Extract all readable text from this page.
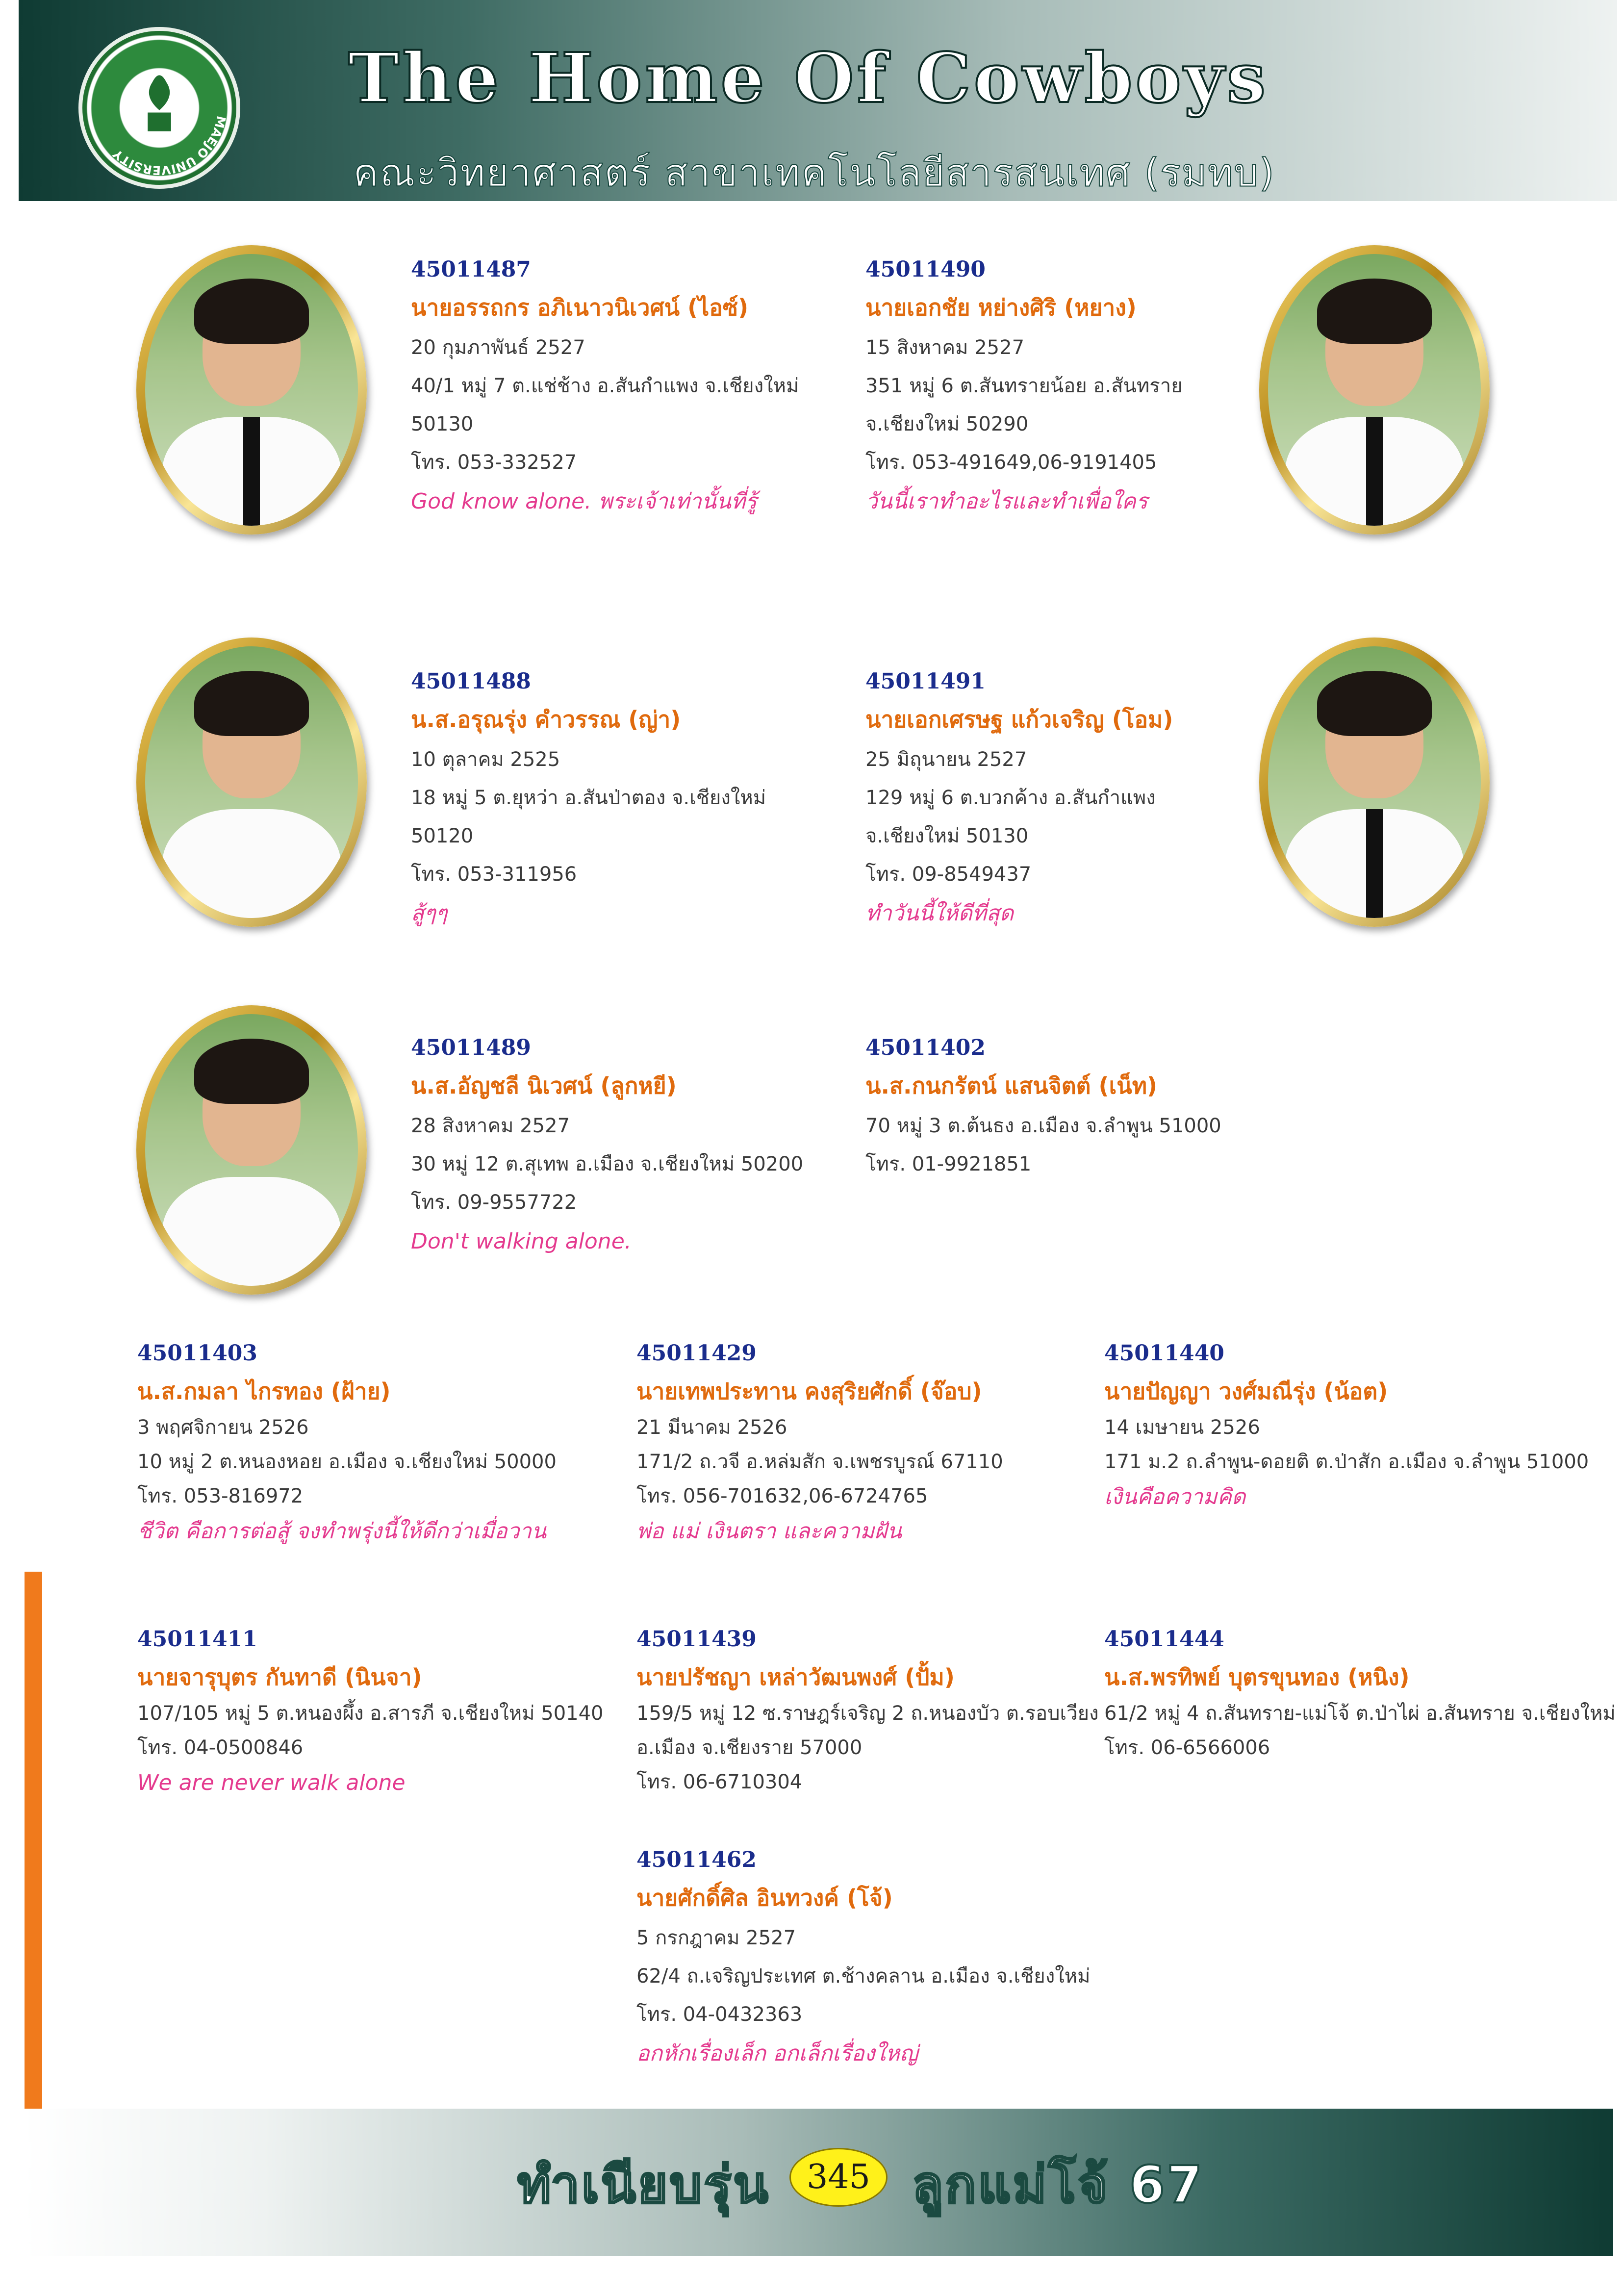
MAEJO UNIVERSITY
The Home Of Cowboys
คณะวิทยาศาสตร์ สาขาเทคโนโลยีสารสนเทศ (รมทบ)
45011487
นายอรรถกร อภิเนาวนิเวศน์ (ไอซ์)
20 กุมภาพันธ์ 2527
40/1 หมู่ 7 ต.แช่ช้าง อ.สันกำแพง จ.เชียงใหม่
50130
โทร. 053-332527
God know alone. พระเจ้าเท่านั้นที่รู้
45011490
นายเอกชัย หย่างศิริ (หยาง)
15 สิงหาคม 2527
351 หมู่ 6 ต.สันทรายน้อย อ.สันทราย
จ.เชียงใหม่ 50290
โทร. 053-491649,06-9191405
วันนี้เราทำอะไรและทำเพื่อใคร
45011488
น.ส.อรุณรุ่ง คำวรรณ (ญ่า)
10 ตุลาคม 2525
18 หมู่ 5 ต.ยุหว่า อ.สันป่าตอง จ.เชียงใหม่
50120
โทร. 053-311956
สู้ๆๆ
45011491
นายเอกเศรษฐ แก้วเจริญ (โอม)
25 มิถุนายน 2527
129 หมู่ 6 ต.บวกค้าง อ.สันกำแพง
จ.เชียงใหม่ 50130
โทร. 09-8549437
ทำวันนี้ให้ดีที่สุด
45011489
น.ส.อัญชลี นิเวศน์ (ลูกหยี)
28 สิงหาคม 2527
30 หมู่ 12 ต.สุเทพ อ.เมือง จ.เชียงใหม่ 50200
โทร. 09-9557722
Don't walking alone.
45011402
น.ส.กนกรัตน์ แสนจิตต์ (เน็ท)
70 หมู่ 3 ต.ต้นธง อ.เมือง จ.ลำพูน 51000
โทร. 01-9921851
45011403
น.ส.กมลา ไกรทอง (ฝ้าย)
3 พฤศจิกายน 2526
10 หมู่ 2 ต.หนองหอย อ.เมือง จ.เชียงใหม่ 50000
โทร. 053-816972
ชีวิต คือการต่อสู้ จงทำพรุ่งนี้ให้ดีกว่าเมื่อวาน
45011429
นายเทพประทาน คงสุริยศักดิ์ (จ๊อบ)
21 มีนาคม 2526
171/2 ถ.วจี อ.หล่มสัก จ.เพชรบูรณ์ 67110
โทร. 056-701632,06-6724765
พ่อ แม่ เงินตรา และความฝัน
45011440
นายปัญญา วงศ์มณีรุ่ง (น้อต)
14 เมษายน 2526
171 ม.2 ถ.ลำพูน-ดอยติ ต.ป่าสัก อ.เมือง จ.ลำพูน 51000
เงินคือความคิด
45011411
นายจารุบุตร กันทาดี (นินจา)
107/105 หมู่ 5 ต.หนองผึ้ง อ.สารภี จ.เชียงใหม่ 50140
โทร. 04-0500846
We are never walk alone
45011439
นายปรัชญา เหล่าวัฒนพงศ์ (ปั้ม)
159/5 หมู่ 12 ซ.ราษฎร์เจริญ 2 ถ.หนองบัว ต.รอบเวียง
อ.เมือง จ.เชียงราย 57000
โทร. 06-6710304
45011444
น.ส.พรทิพย์ บุตรขุนทอง (หนิง)
61/2 หมู่ 4 ถ.สันทราย-แม่โจ้ ต.ป่าไผ่ อ.สันทราย จ.เชียงใหม่
โทร. 06-6566006
45011462
นายศักดิ์ศิล อินทวงค์ (โจ้)
5 กรกฎาคม 2527
62/4 ถ.เจริญประเทศ ต.ช้างคลาน อ.เมือง จ.เชียงใหม่
โทร. 04-0432363
อกหักเรื่องเล็ก อกเล็กเรื่องใหญ่
ทำเนียบรุ่น	345 ลูกแม่โจ้ 67
